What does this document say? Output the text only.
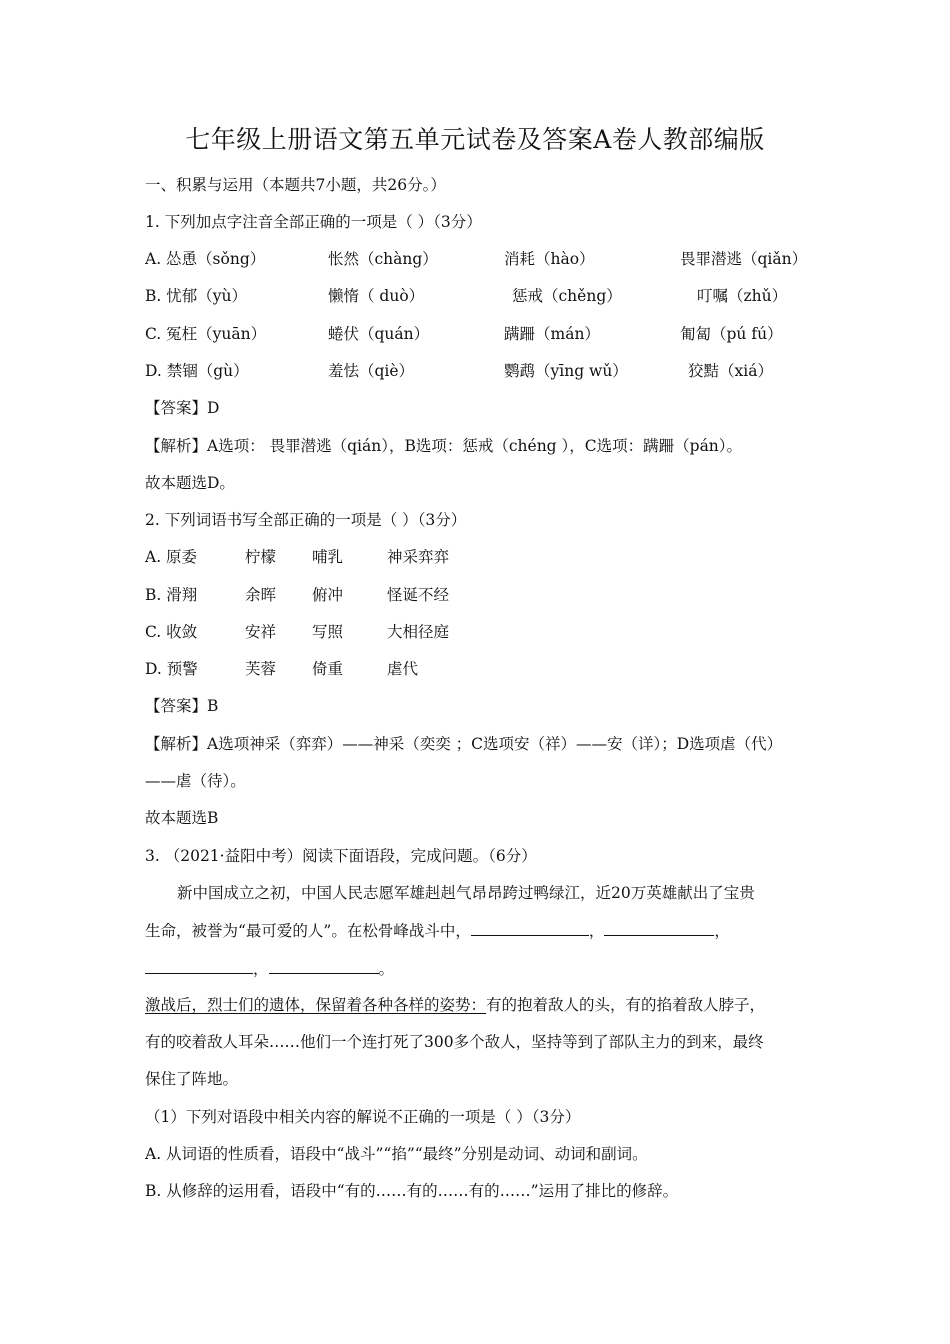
七年级上册语文第五单元试卷及答案A卷人教部编版
一、积累与运用（本题共7小题，共26分。）
1. 下列加点字注音全部正确的一项是（ ）（3分）
A. 怂恿（sǒng）	怅然（chàng）	消耗（hào）	畏罪潜逃（qiǎn）
B. 忧郁（yù）	懒惰（ duò）	惩戒（chěng）	叮嘱（zhǔ）
C. 冤枉（yuān）	蜷伏（quán）	蹒跚（mán）	匍匐（pú fú）
D. 禁锢（gù）	羞怯（qiè）	鹦鹉（yīng wǔ）	狡黠（xiá）
【答案】D
【解析】A选项： 畏罪潜逃（qián），B选项：惩戒（chéng ），C选项：蹒跚（pán）。
故本题选D。
2. 下列词语书写全部正确的一项是（ ）（3分）
A. 原委	柠檬 哺乳	神采弈弈
B. 滑翔	余晖 俯冲	怪诞不经
C. 收敛	安祥 写照	大相径庭
D. 预警	芙蓉 倚重	虐代
【答案】B
【解析】A选项神采（弈弈）——神采（奕奕 ；C选项安（祥）——安（详）；D选项虐（代）
——虐（待）。
故本题选B
3. （2021·益阳中考）阅读下面语段，完成问题。（6分）
新中国成立之初，中国人民志愿军雄赳赳气昂昂跨过鸭绿江，近20万英雄献出了宝贵
生命，被誉为“最可爱的人”。在松骨峰战斗中，	，	，
，	。
激战后，烈士们的遗体，保留着各种各样的姿势：有的抱着敌人的头，有的掐着敌人脖子，
有的咬着敌人耳朵……他们一个连打死了300多个敌人，坚持等到了部队主力的到来，最终
保住了阵地。
（1）下列对语段中相关内容的解说不正确的一项是（ ）（3分）
A. 从词语的性质看，语段中“战斗”“掐”“最终”分别是动词、动词和副词。
B. 从修辞的运用看，语段中“有的……有的……有的……”运用了排比的修辞。
